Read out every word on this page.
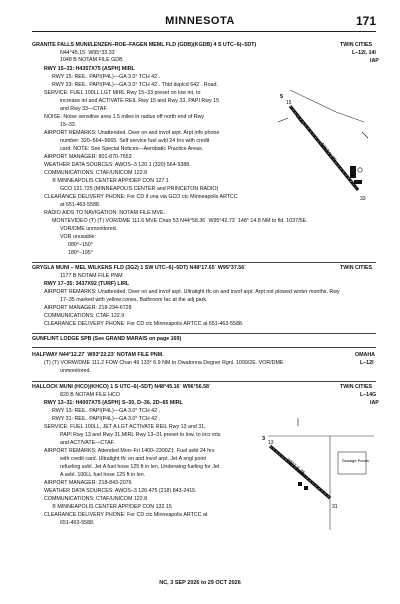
MINNESOTA	171
GRANITE FALLS MUNI/LENZEN–ROE–FAGEN MEML FLD (GDB)(KGDB) 4 S UTC–6(–5DT)
N44°45.15´ W95°33.33´
1048 B NOTAM FILE GDB
RWY 15–33: H4357X75 (ASPH) MIRL
RWY 15: REIL. PAPI(P4L)—GA 3.0° TCH 42´.
RWY 33: REIL. PAPI(P4L)—GA 3.0° TCH 42´. Thld dsplcd 642´. Road.
SERVICE: FUEL 100LL LGT MIRL Rwy 15–33 preset on low int, to
increase int and ACTIVATE REIL Rwy 15 and Rwy 33, PAPI Rwy 15
and Rwy 33—CTAF.
NOISE: Noise sensitive area 1.5 miles in radius off north end of Rwy
15–33.
AIRPORT REMARKS: Unattended. Deer on and invof arpt. Arpt info phone
number: 320–564–5665. Self service fuel avbl 24 hrs with credit
card. NOTE: See Special Notices—Aerobatic Practice Areas.
AIRPORT MANAGER: 801-870-7653
WEATHER DATA SOURCES: AWOS–3 120.1 (320) 564-9388.
COMMUNICATIONS: CTAF/UNICOM 122.8
® MINNEAPOLIS CENTER APP/DEP CON 127.1
GCO 121.725 (MINNEAPOLIS CENTER and PRINCETON RADIO)
CLEARANCE DELIVERY PHONE: For CD if una via GCO ctc Minneapolis ARTCC
at 651-463-5588.
RADIO AIDS TO NAVIGATION: NOTAM FILE MVE.
MONTEVIDEO (T) (T) VOR/DME 111.6 MVE Chan 53 N44°58.36´ W95°42.73´ 148° 14.8 NM to fld. 1037/5E.
VOR/DME unmonitored.
VOR unusable:
080°–150°
180°–195°
TWIN CITIES
L–12I, 14I
IAP
5
15
33
4357 X 75
GRYGLA MUNI – MEL WILKENS FLD (3G2) 1 SW UTC–6(–5DT) N48°17.65´ W95°37.56´
1177 B NOTAM FILE PNM
RWY 17–35: 3437X92 (TURF) LIRL
AIRPORT REMARKS: Unattended. Deer on and invof arpt. Ultralight tfc on and invof arpt. Arpt not plowed winter months. Rwy
17–35 marked with yellow cones. Bathroom fac at the adj park.
AIRPORT MANAGER: 218-294-6728
COMMUNICATIONS: CTAF 122.9
CLEARANCE DELIVERY PHONE: For CD ctc Minneapolis ARTCC at 651-463-5588.
TWIN CITIES
GUNFLINT LODGE SPB (See GRAND MARAIS on page 169)
HALFWAY N44°12.27´ W93°22.23´ NOTAM FILE PNM.
(T) (T) VORW/DME 111.2 FOW Chan 49 133° 6.9 NM to Owatonna Degner Rgnl. 1099/2E. VOR/DME
unmonitored.
OMAHA
L–12I
HALLOCK MUNI (HCO)(KHCO) 1 S UTC–6(–5DT) N48°45.16´ W96°56.58´
820 B NOTAM FILE HCO
RWY 13–31: H4007X75 (ASPH) S–30, D–36, 2D–65 MIRL
RWY 13: REIL. PAPI(P4L)—GA 3.0° TCH 42´.
RWY 31: REIL. PAPI(P4L)—GA 3.0° TCH 42´.
SERVICE: FUEL 100LL, JET A LGT ACTIVATE REIL Rwy 13 and 31,
PAPI Rwy 13 and Rwy 31,MIRL Rwy 13–31 preset to low, to incr ints
and ACTIVATE—CTAF.
AIRPORT REMARKS: Attended Mon–Fri 1400–2300Z‡. Fuel avbl 24 hrs
with credit card. Ultralight tfc on and invof arpt. Jet A sngl point
refueling avbl. Jet A fuel hose 125 ft in len. Underwing fueling for Jet
A avbl. 100LL fuel hose 125 ft in len.
AIRPORT MANAGER: 218-843-2076
WEATHER DATA SOURCES: AWOS–3 126.475 (218) 843-2415.
COMMUNICATIONS: CTAF/UNICOM 122.8
® MINNEAPOLIS CENTER APP/DEP CON 132.15
CLEARANCE DELIVERY PHONE: For CD ctc Minneapolis ARTCC at
651-463-5588.
TWIN CITIES
L–14G
IAP
Sewage Ponds
3
13
31
4007 X 75
NC, 3 SEP 2026 to 29 OCT 2026
